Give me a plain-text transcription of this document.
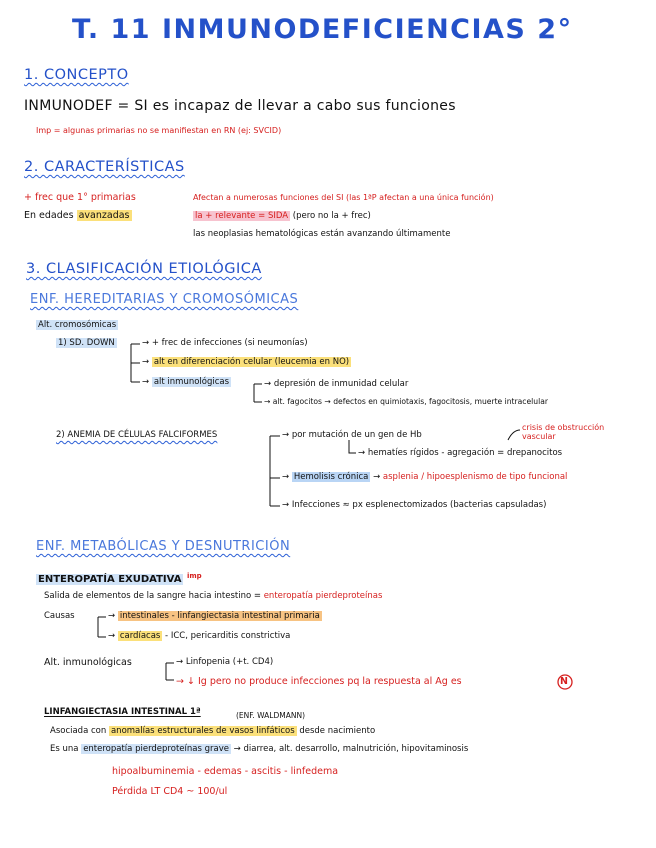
T. 11 INMUNODEFICIENCIAS 2°
1. CONCEPTO
INMUNODEF = SI es incapaz de llevar a cabo sus funciones
Imp = algunas primarias no se manifiestan en RN (ej: SVCID)
2. CARACTERÍSTICAS
+ frec que 1° primarias
En edades avanzadas
Afectan a numerosas funciones del SI (las 1ªP afectan a una única función)
la + relevante = SIDA (pero no la + frec)
las neoplasias hematológicas están avanzando últimamente
3. CLASIFICACIÓN ETIOLÓGICA
ENF. HEREDITARIAS Y CROMOSÓMICAS
Alt. cromosómicas
1) SD. DOWN	→ + frec de infecciones (si neumonías)
→ alt en diferenciación celular (leucemia en NO)
→ alt inmunológicas	→ depresión de inmunidad celular
→ alt. fagocitos → defectos en quimiotaxis, fagocitosis, muerte intracelular
2) ANEMIA DE CÉLULAS FALCIFORMES	→ por mutación de un gen de Hb
crisis de obstrucción vascular
→ hematíes rígidos - agregación = drepanocitos
→ Hemolisis crónica → asplenia / hipoesplenismo de tipo funcional
→ Infecciones ≈ px esplenectomizados (bacterias capsuladas)
ENF. METABÓLICAS Y DESNUTRICIÓN
ENTEROPATÍA EXUDATIVA $^{imp}$
Salida de elementos de la sangre hacia intestino = enteropatía pierdeproteínas
Causas	→ intestinales - linfangiectasia intestinal primaria
→ cardíacas - ICC, pericarditis constrictiva
Alt. inmunológicas	→ Linfopenia (+t. CD4)
→ ↓ Ig pero no produce infecciones pq la respuesta al Ag es	N
LINFANGIECTASIA INTESTINAL 1ª	(ENF. WALDMANN)
Asociada con anomalías estructurales de vasos linfáticos desde nacimiento
Es una enteropatía pierdeproteínas grave → diarrea, alt. desarrollo, malnutrición, hipovitaminosis
hipoalbuminemia - edemas - ascitis - linfedema
Pérdida LT CD4 ~ 100/ul
